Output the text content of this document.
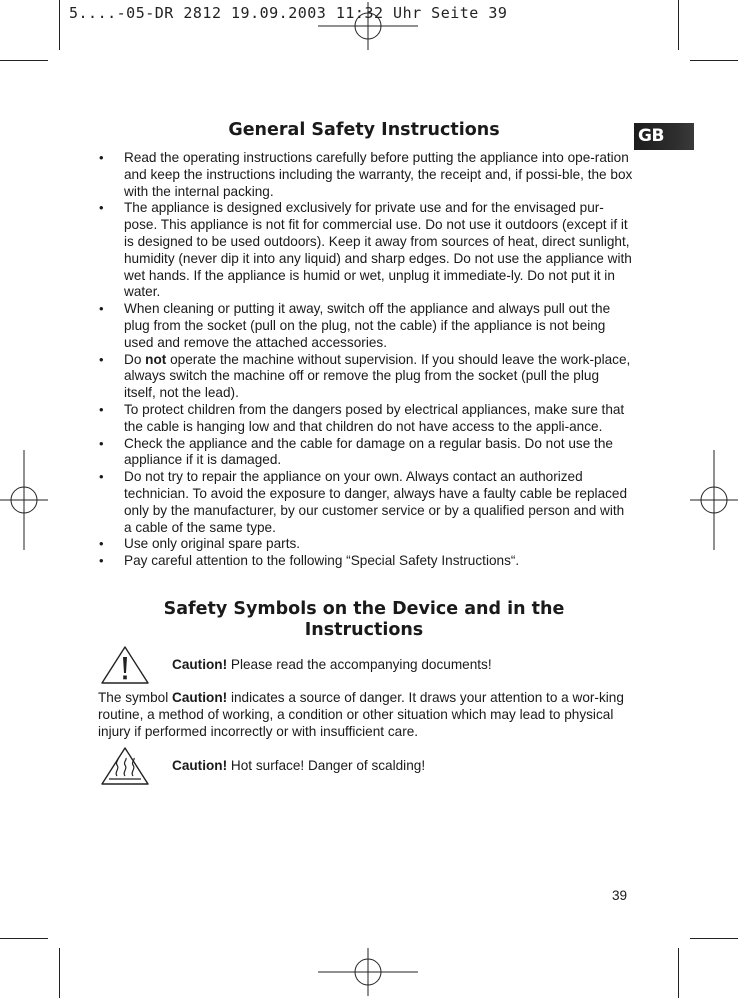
5....-05-DR 2812 19.09.2003 11:32 Uhr Seite 39
GB
General Safety Instructions
• Read the operating instructions carefully before putting the appliance into ope-ration and keep the instructions including the warranty, the receipt and, if possi-ble, the box with the internal packing.
• The appliance is designed exclusively for private use and for the envisaged pur-pose. This appliance is not fit for commercial use. Do not use it outdoors (except if it is designed to be used outdoors). Keep it away from sources of heat, direct sunlight, humidity (never dip it into any liquid) and sharp edges. Do not use the appliance with wet hands. If the appliance is humid or wet, unplug it immediate-ly. Do not put it in water.
• When cleaning or putting it away, switch off the appliance and always pull out the plug from the socket (pull on the plug, not the cable) if the appliance is not being used and remove the attached accessories.
• Do not operate the machine without supervision. If you should leave the work-place, always switch the machine off or remove the plug from the socket (pull the plug itself, not the lead).
• To protect children from the dangers posed by electrical appliances, make sure that the cable is hanging low and that children do not have access to the appli-ance.
• Check the appliance and the cable for damage on a regular basis. Do not use the appliance if it is damaged.
• Do not try to repair the appliance on your own. Always contact an authorized technician. To avoid the exposure to danger, always have a faulty cable be replaced only by the manufacturer, by our customer service or by a qualified person and with a cable of the same type.
• Use only original spare parts.
• Pay careful attention to the following “Special Safety Instructions“.
Safety Symbols on the Device and in the
Instructions
Caution! Please read the accompanying documents!
The symbol Caution! indicates a source of danger. It draws your attention to a wor-king routine, a method of working, a condition or other situation which may lead to physical injury if performed incorrectly or with insufficient care.
Caution! Hot surface! Danger of scalding!
39
